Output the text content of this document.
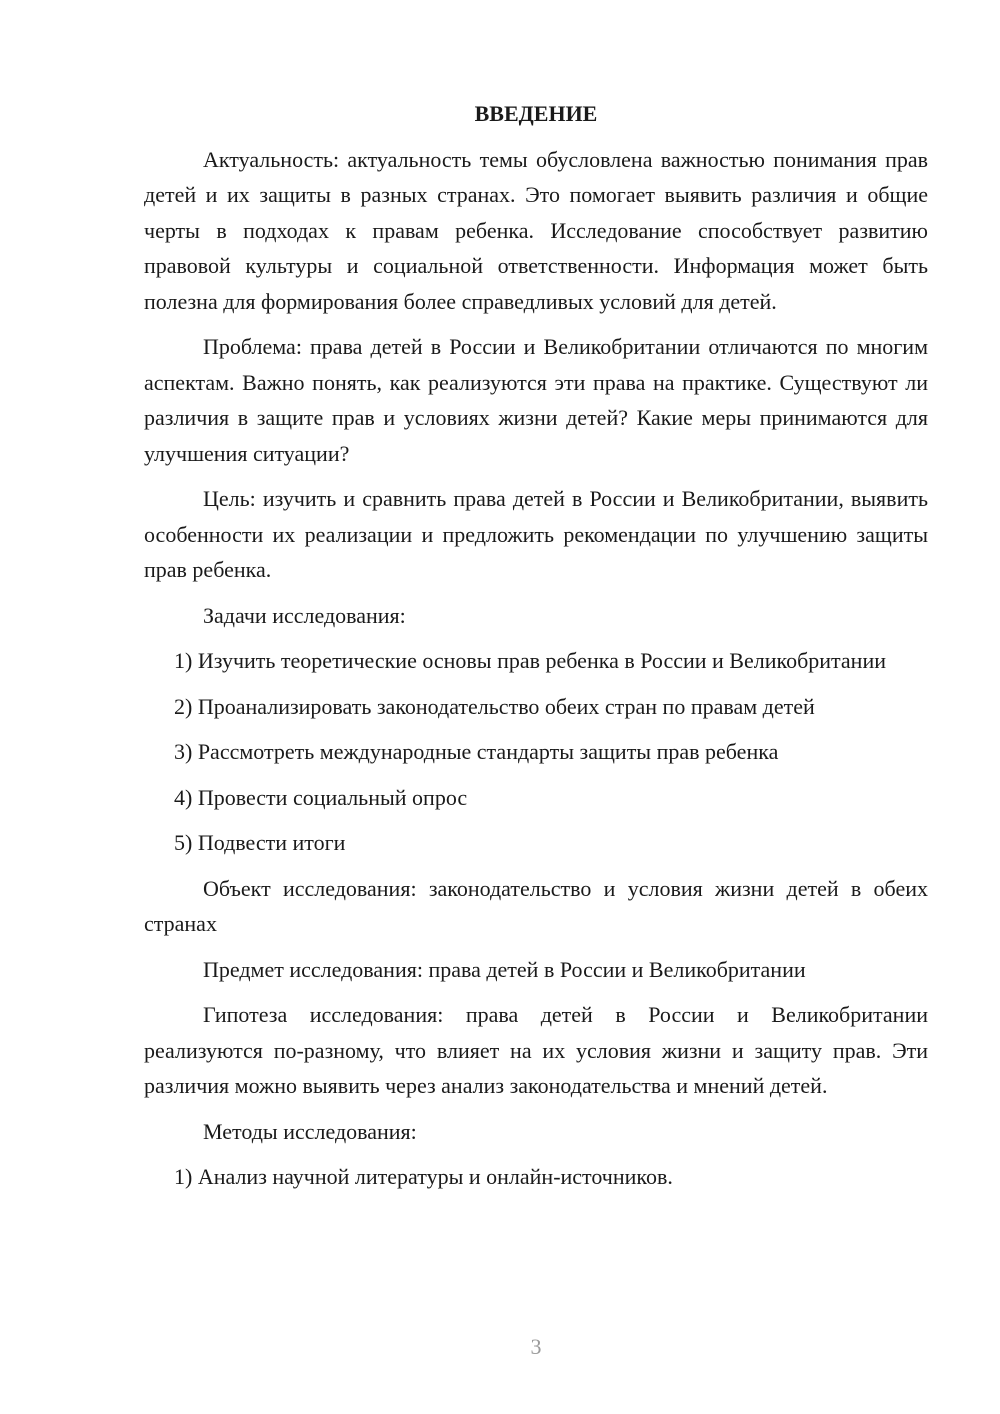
ВВЕДЕНИЕ

Актуальность: актуальность темы обусловлена важностью понимания прав детей и их защиты в разных странах. Это помогает выявить различия и общие черты в подходах к правам ребенка. Исследование способствует развитию правовой культуры и социальной ответственности. Информация может быть полезна для формирования более справедливых условий для детей.

Проблема: права детей в России и Великобритании отличаются по многим аспектам. Важно понять, как реализуются эти права на практике. Существуют ли различия в защите прав и условиях жизни детей? Какие меры принимаются для улучшения ситуации?

Цель: изучить и сравнить права детей в России и Великобритании, выявить особенности их реализации и предложить рекомендации по улучшению защиты прав ребенка.

Задачи исследования:

1) Изучить теоретические основы прав ребенка в России и Великобритании

2) Проанализировать законодательство обеих стран по правам детей

3) Рассмотреть международные стандарты защиты прав ребенка

4) Провести социальный опрос

5) Подвести итоги

Объект исследования: законодательство и условия жизни детей в обеих странах

Предмет исследования: права детей в России и Великобритании

Гипотеза исследования: права детей в России и Великобритании реализуются по-разному, что влияет на их условия жизни и защиту прав. Эти различия можно выявить через анализ законодательства и мнений детей.

Методы исследования:

1) Анализ научной литературы и онлайн-источников.

3
